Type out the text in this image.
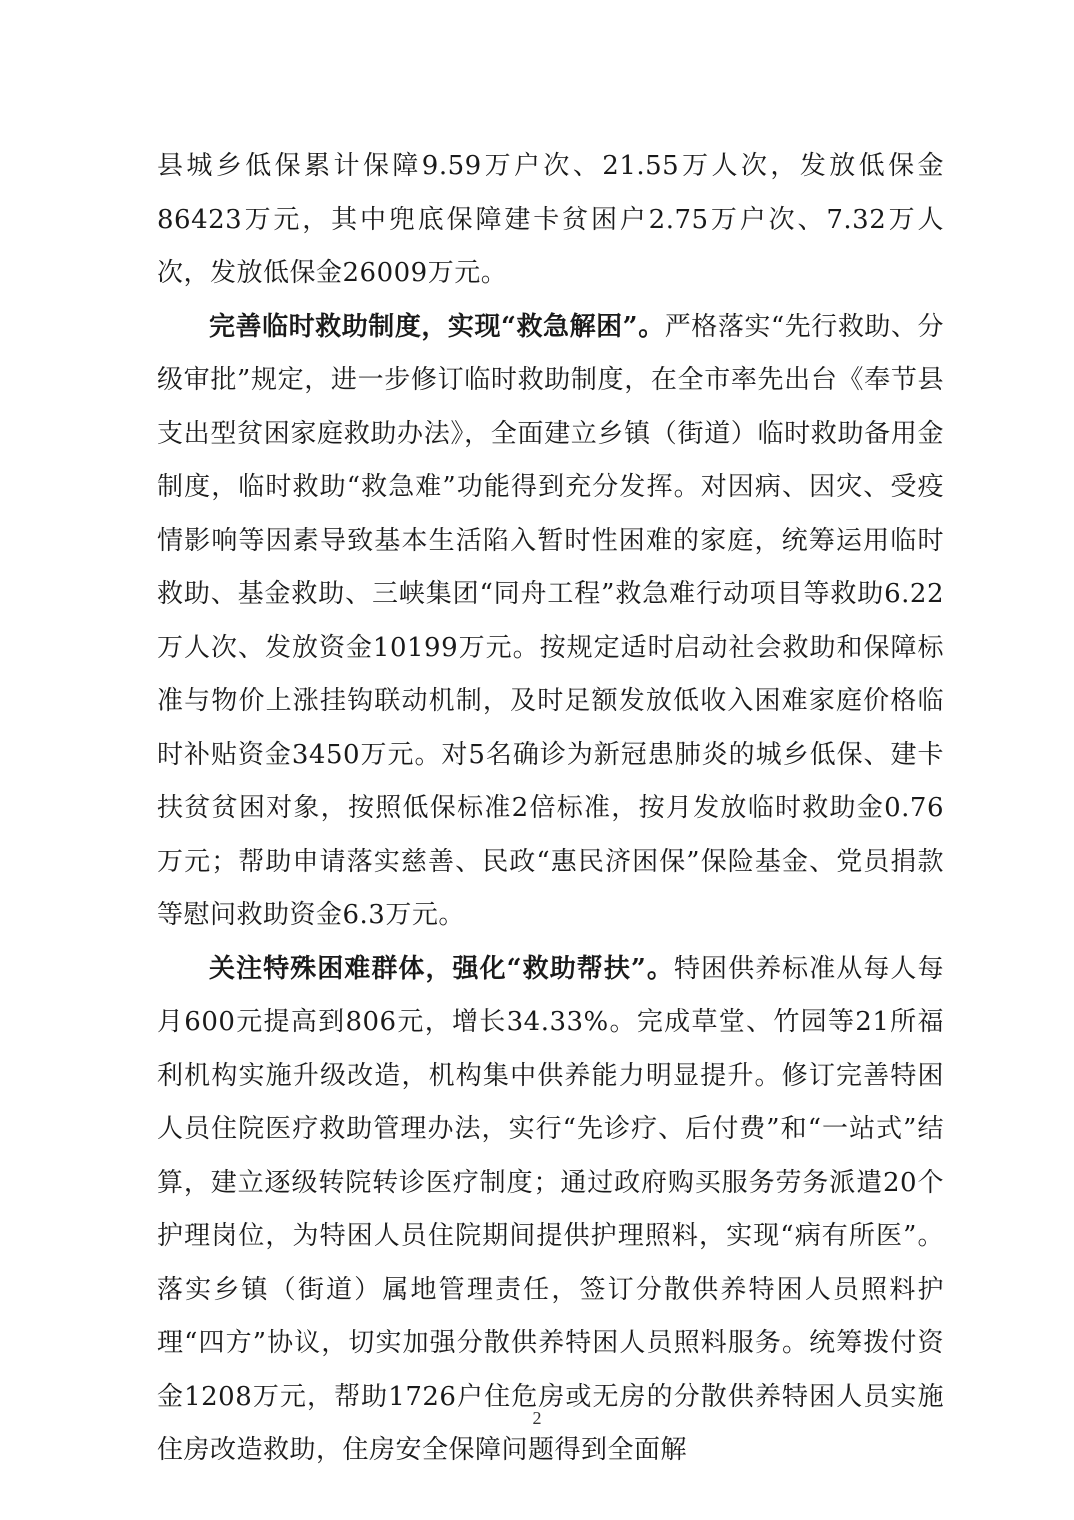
县城乡低保累计保障9.59万户次、21.55万人次，发放低保金86423万元，其中兜底保障建卡贫困户2.75万户次、7.32万人次，发放低保金26009万元。

完善临时救助制度，实现“救急解困”。严格落实“先行救助、分级审批”规定，进一步修订临时救助制度，在全市率先出台《奉节县支出型贫困家庭救助办法》，全面建立乡镇（街道）临时救助备用金制度，临时救助“救急难”功能得到充分发挥。对因病、因灾、受疫情影响等因素导致基本生活陷入暂时性困难的家庭，统筹运用临时救助、基金救助、三峡集团“同舟工程”救急难行动项目等救助6.22万人次、发放资金10199万元。按规定适时启动社会救助和保障标准与物价上涨挂钩联动机制，及时足额发放低收入困难家庭价格临时补贴资金3450万元。对5名确诊为新冠患肺炎的城乡低保、建卡扶贫贫困对象，按照低保标准2倍标准，按月发放临时救助金0.76万元；帮助申请落实慈善、民政“惠民济困保”保险基金、党员捐款等慰问救助资金6.3万元。

关注特殊困难群体，强化“救助帮扶”。特困供养标准从每人每月600元提高到806元，增长34.33%。完成草堂、竹园等21所福利机构实施升级改造，机构集中供养能力明显提升。修订完善特困人员住院医疗救助管理办法，实行“先诊疗、后付费”和“一站式”结算，建立逐级转院转诊医疗制度；通过政府购买服务劳务派遣20个护理岗位，为特困人员住院期间提供护理照料，实现“病有所医”。落实乡镇（街道）属地管理责任，签订分散供养特困人员照料护理“四方”协议，切实加强分散供养特困人员照料服务。统筹拨付资金1208万元，帮助1726户住危房或无房的分散供养特困人员实施住房改造救助，住房安全保障问题得到全面解

2
